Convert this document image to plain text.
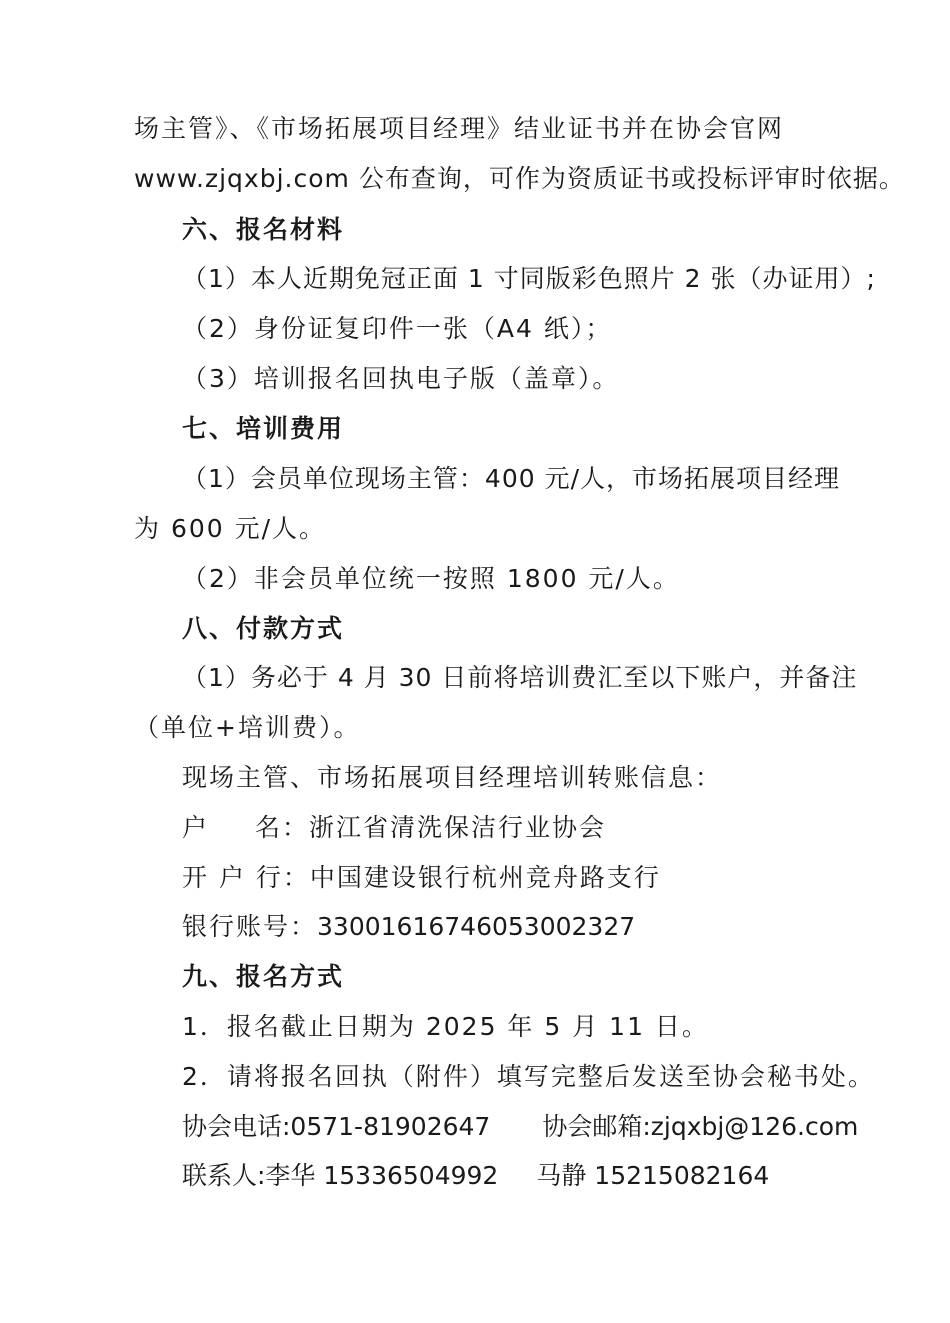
场主管》、《市场拓展项目经理》结业证书并在协会官网
www.zjqxbj.com 公布查询，可作为资质证书或投标评审时依据。
六、报名材料
（1）本人近期免冠正面 1 寸同版彩色照片 2 张（办证用）;
（2）身份证复印件一张（A4 纸）；
（3）培训报名回执电子版（盖章）。
七、培训费用
（1）会员单位现场主管：400 元/人，市场拓展项目经理
为 600 元/人。
（2）非会员单位统一按照 1800 元/人。
八、付款方式
（1）务必于 4 月 30 日前将培训费汇至以下账户，并备注
（单位+培训费）。
现场主管、市场拓展项目经理培训转账信息：
户 名：浙江省清洗保洁行业协会
开 户 行：中国建设银行杭州竞舟路支行
银行账号：33001616746053002327
九、报名方式
1．报名截止日期为 2025 年 5 月 11 日。
2．请将报名回执（附件）填写完整后发送至协会秘书处。
协会电话:0571-81902647 协会邮箱:zjqxbj@126.com
联系人:李华 15336504992 马静 15215082164
